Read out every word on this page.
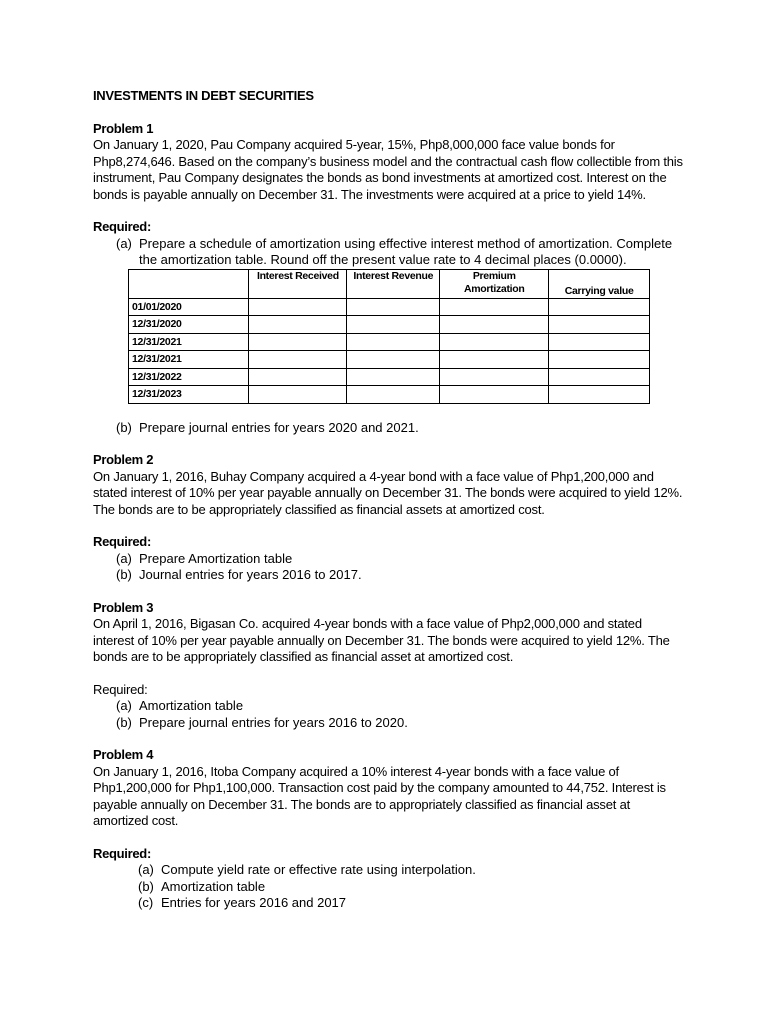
INVESTMENTS IN DEBT SECURITIES

Problem 1

On January 1, 2020, Pau Company acquired 5-year, 15%, Php8,000,000 face value bonds for Php8,274,646. Based on the company’s business model and the contractual cash flow collectible from this instrument, Pau Company designates the bonds as bond investments at amortized cost. Interest on the bonds is payable annually on December 31. The investments were acquired at a price to yield 14%.

Required:

(a) Prepare a schedule of amortization using effective interest method of amortization. Complete the amortization table. Round off the present value rate to 4 decimal places (0.0000).
	Interest Received	Interest Revenue	Premium Amortization	Carrying value
01/01/2020				
12/31/2020				
12/31/2021				
12/31/2021				
12/31/2022				
12/31/2023				
(b) Prepare journal entries for years 2020 and 2021.

Problem 2

On January 1, 2016, Buhay Company acquired a 4-year bond with a face value of Php1,200,000 and stated interest of 10% per year payable annually on December 31. The bonds were acquired to yield 12%. The bonds are to be appropriately classified as financial assets at amortized cost.

Required:

(a) Prepare Amortization table
(b) Journal entries for years 2016 to 2017.

Problem 3

On April 1, 2016, Bigasan Co. acquired 4-year bonds with a face value of Php2,000,000 and stated interest of 10% per year payable annually on December 31. The bonds were acquired to yield 12%. The bonds are to be appropriately classified as financial asset at amortized cost.

Required:

(a) Amortization table
(b) Prepare journal entries for years 2016 to 2020.

Problem 4

On January 1, 2016, Itoba Company acquired a 10% interest 4-year bonds with a face value of Php1,200,000 for Php1,100,000. Transaction cost paid by the company amounted to 44,752. Interest is payable annually on December 31. The bonds are to appropriately classified as financial asset at amortized cost.

Required:

(a) Compute yield rate or effective rate using interpolation.
(b) Amortization table
(c) Entries for years 2016 and 2017
